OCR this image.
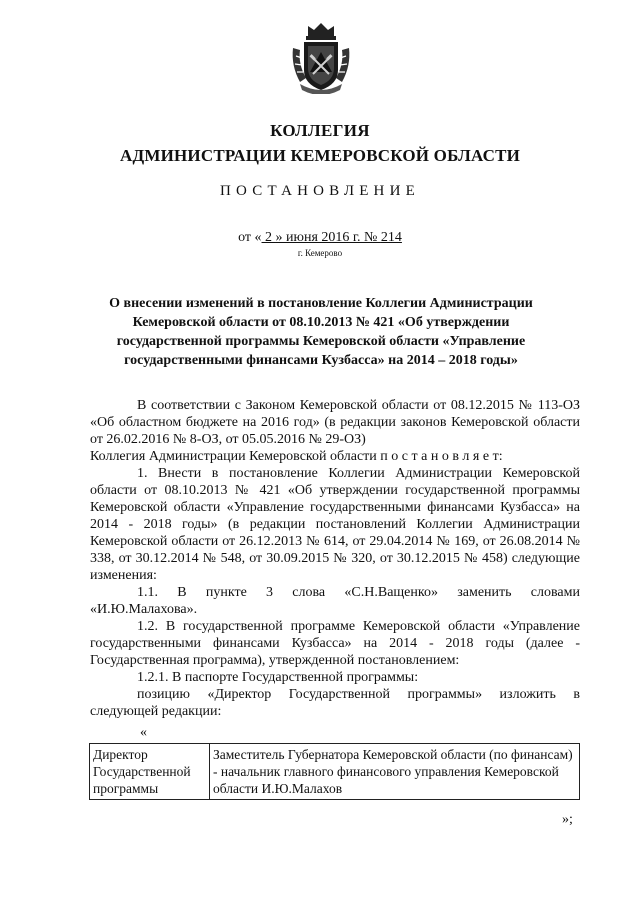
КОЛЛЕГИЯ
АДМИНИСТРАЦИИ КЕМЕРОВСКОЙ ОБЛАСТИ
ПОСТАНОВЛЕНИЕ
от « 2 » июня 2016 г. № 214
г. Кемерово
О внесении изменений в постановление Коллегии Администрации
Кемеровской области от 08.10.2013 № 421 «Об утверждении
государственной программы Кемеровской области «Управление
государственными финансами Кузбасса» на 2014 – 2018 годы»
В соответствии с Законом Кемеровской области от 08.12.2015 № 113-ОЗ «Об областном бюджете на 2016 год» (в редакции законов Кемеровской области от 26.02.2016 № 8-ОЗ, от 05.05.2016 № 29-ОЗ)
Коллегия Администрации Кемеровской области п о с т а н о в л я е т:
1. Внести в постановление Коллегии Администрации Кемеровской области от 08.10.2013 № 421 «Об утверждении государственной программы Кемеровской области «Управление государственными финансами Кузбасса» на 2014 - 2018 годы» (в редакции постановлений Коллегии Администрации Кемеровской области от 26.12.2013 № 614, от 29.04.2014 № 169, от 26.08.2014 № 338, от 30.12.2014 № 548, от 30.09.2015 № 320, от 30.12.2015 № 458) следующие изменения:
1.1. В пункте 3 слова «С.Н.Ващенко» заменить словами «И.Ю.Малахова».
1.2. В государственной программе Кемеровской области «Управление государственными финансами Кузбасса» на 2014 - 2018 годы (далее - Государственная программа), утвержденной постановлением:
1.2.1. В паспорте Государственной программы:
позицию «Директор Государственной программы» изложить в следующей редакции:
«
Директор Государственной программы	Заместитель Губернатора Кемеровской области (по финансам) - начальник главного финансового управления Кемеровской области И.Ю.Малахов
»;
